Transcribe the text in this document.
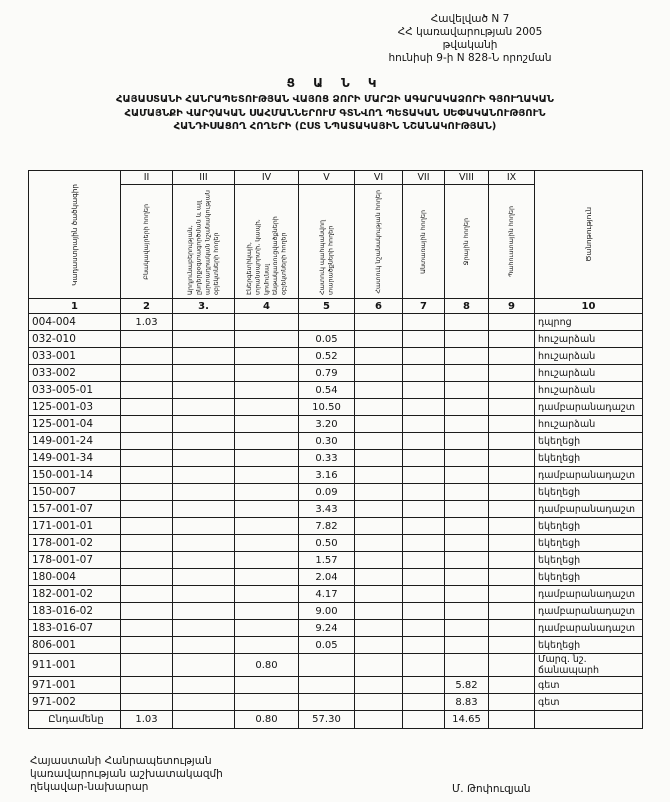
Հավելված N 7
ՀՀ կառավարության 2005 թվականի
հունիսի 9-ի N 828-Ն որոշման
Ց Ա Ն Կ
ՀԱՅԱՍՏԱՆԻ ՀԱՆՐԱՊԵՏՈՒԹՅԱՆ ՎԱՅՈՑ ՁՈՐԻ ՄԱՐԶԻ ԱԳԱՐԱԿԱՁՈՐԻ ԳՅՈՒՂԱԿԱՆ
ՀԱՄԱՅՆՔԻ ՎԱՐՉԱԿԱՆ ՍԱՀՄԱՆՆԵՐՈՒՄ ԳՏՆՎՈՂ ՊԵՏԱԿԱՆ ՍԵՓԱԿԱՆՈՒԹՅՈՒՆ
ՀԱՆԴԻՍԱՑՈՂ ՀՈՂԵՐԻ (ԸՍՏ ՆՊԱՏԱԿԱՅԻՆ ՆՇԱՆԱԿՈՒԹՅԱՆ)
Կադաստրային ծածկագիր	II	III	IV	V	VI	VII	VIII	IX	Ծանոթություն

	Բնակավայրերի հողեր	Արդյունաբերության, ընդերքօգտագործման և այլ արտադրական նշանակության օբյեկտների հողեր	Էներգետիկայի, տրանսպորտի, կապի, կոմունալ ենթակառուցվածքների օբյեկտների հողեր	Հատուկ պահպանվող տարածքների հողեր	Հատուկ նշանակության հողեր	Անտառային հողեր	Ջրային հողեր	Պահուստային հողեր	

1	2	3.	4	5	6	7	8	9	10
004-004	1.03								դպրոց
032-010				0.05					հուշարձան
033-001				0.52					հուշարձան
033-002				0.79					հուշարձան
033-005-01				0.54					հուշարձան
125-001-03				10.50					դամբարանադաշտ
125-001-04				3.20					հուշարձան
149-001-24				0.30					եկեղեցի
149-001-34				0.33					եկեղեցի
150-001-14				3.16					դամբարանադաշտ
150-007				0.09					եկեղեցի
157-001-07				3.43					դամբարանադաշտ
171-001-01				7.82					եկեղեցի
178-001-02				0.50					եկեղեցի
178-001-07				1.57					եկեղեցի
180-004				2.04					եկեղեցի
182-001-02				4.17					դամբարանադաշտ
183-016-02				9.00					դամբարանադաշտ
183-016-07				9.24					դամբարանադաշտ
806-001				0.05					եկեղեցի
911-001			0.80						Մարզ. նշ. ճանապարհ
971-001							5.82		գետ
971-002							8.83		գետ
Ընդամենը	1.03		0.80	57.30			14.65		
Հայաստանի Հանրապետության
կառավարության աշխատակազմի
ղեկավար-նախարար	Մ. Թոփուզյան
